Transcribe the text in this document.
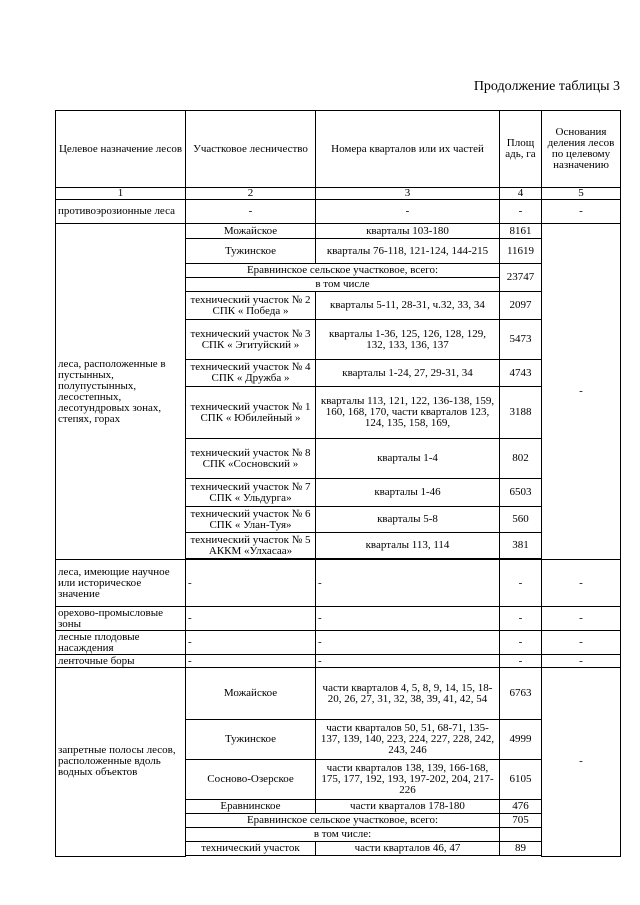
Продолжение таблицы 3
Целевое назначение лесов	Участковое лесничество	Номера кварталов или их частей	Площ адь, га	Основания деления лесов по целевому назначению
1	2	3	4	5
противоэрозионные леса	-	-	-	-
леса, расположенные в пустынных, полупустынных, лесостепных, лесотундровых зонах, степях, горах	Можайское	кварталы 103-180	8161	-
	Тужинское	кварталы 76-118, 121-124, 144-215	11619	
	Еравнинское сельское участковое, всего:		23747	
	в том числе			
	технический участок № 2 СПК « Победа »	кварталы 5-11, 28-31, ч.32, 33, 34	2097	
	технический участок № 3 СПК « Эгитуйский »	кварталы 1-36, 125, 126, 128, 129, 132, 133, 136, 137	5473	
	технический участок № 4 СПК « Дружба »	кварталы 1-24, 27, 29-31, 34	4743	
	технический участок № 1 СПК « Юбилейный »	кварталы 113, 121, 122, 136-138, 159, 160, 168, 170, части кварталов 123, 124, 135, 158, 169,	3188	
	технический участок № 8 СПК «Сосновский »	кварталы 1-4	802	
	технический участок № 7 СПК « Ульдурга»	кварталы 1-46	6503	
	технический участок № 6 СПК « Улан-Туя»	кварталы 5-8	560	
	технический участок № 5 АККМ «Улхасаа»	кварталы 113, 114	381	

леса, имеющие научное или историческое значение	-	-	-	-
орехово-промысловые зоны	-	-	-	-
лесные плодовые насаждения	-	-	-	-
ленточные боры	-	-	-	-
запретные полосы лесов, расположенные вдоль водных объектов	Можайское	части кварталов 4, 5, 8, 9, 14, 15, 18-20, 26, 27, 31, 32, 38, 39, 41, 42, 54	6763	-
	Тужинское	части кварталов 50, 51, 68-71, 135-137, 139, 140, 223, 224, 227, 228, 242, 243, 246	4999	
	Сосново-Озерское	части кварталов 138, 139, 166-168, 175, 177, 192, 193, 197-202, 204, 217-226	6105	
	Еравнинское	части кварталов 178-180	476	
	Еравнинское сельское участковое, всего:		705	
	в том числе:			
	технический участок	части кварталов 46, 47	89	
